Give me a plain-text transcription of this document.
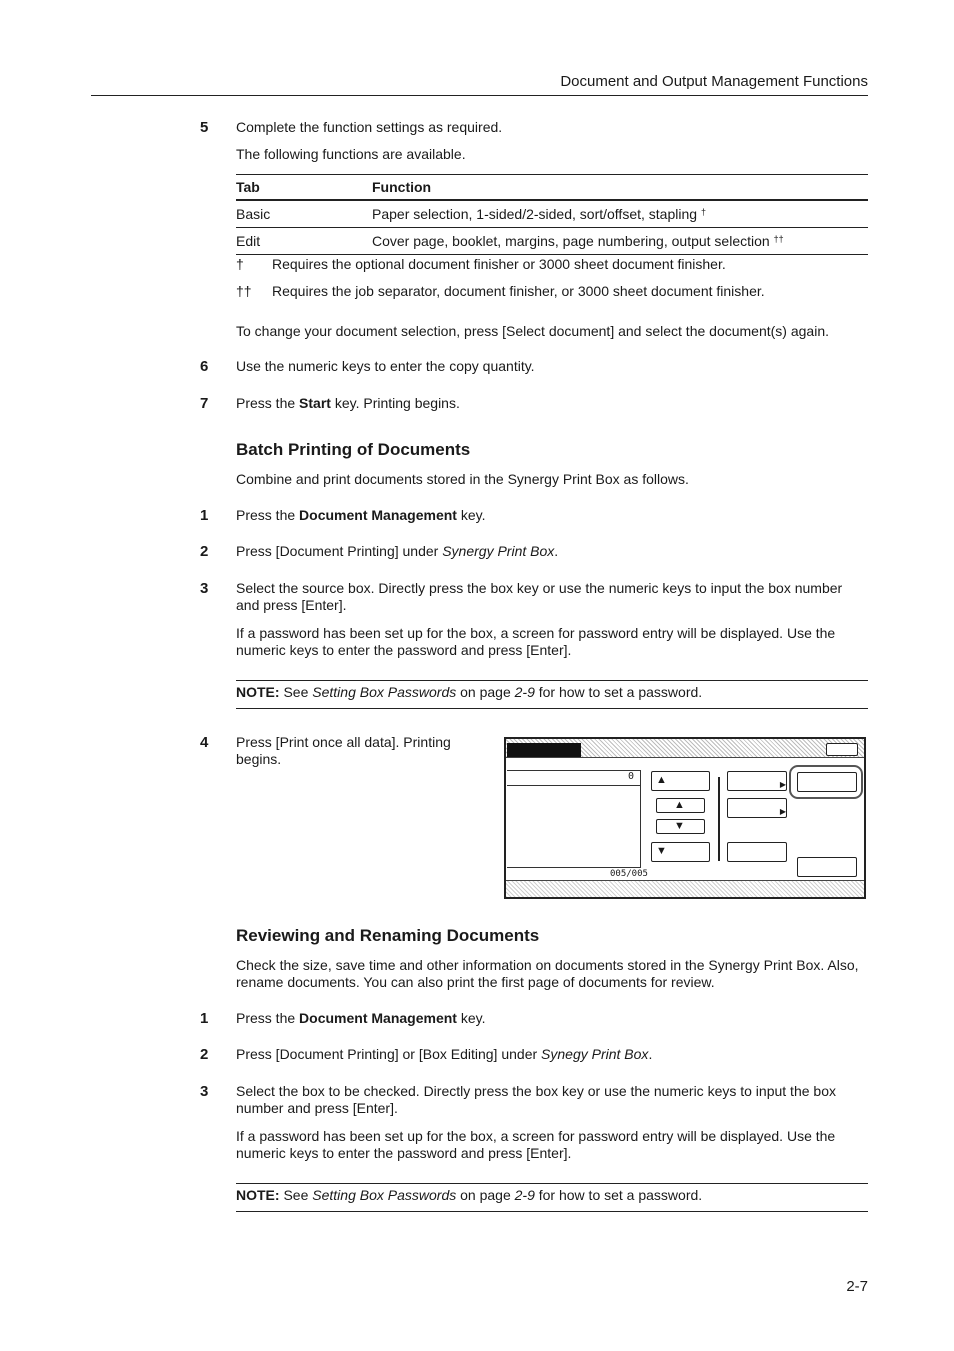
Document and Output Management Functions
5 Complete the function settings as required.
The following functions are available.
Tab	Function
Basic	Paper selection, 1-sided/2-sided, sort/offset, stapling †
Edit	Cover page, booklet, margins, page numbering, output selection ††
† Requires the optional document finisher or 3000 sheet document finisher.
†† Requires the job separator, document finisher, or 3000 sheet document finisher.
To change your document selection, press [Select document] and select the document(s) again.
6 Use the numeric keys to enter the copy quantity.
7 Press the Start key. Printing begins.
Batch Printing of Documents
Combine and print documents stored in the Synergy Print Box as follows.
1 Press the Document Management key.
2 Press [Document Printing] under Synergy Print Box.
3 Select the source box. Directly press the box key or use the numeric keys to input the box number and press [Enter].
If a password has been set up for the box, a screen for password entry will be displayed. Use the numeric keys to enter the password and press [Enter].
NOTE: See Setting Box Passwords on page 2-9 for how to set a password.
4 Press [Print once all data]. Printing begins.
0
005/005
▲
▲
▼
▼
▶
▶
Reviewing and Renaming Documents
Check the size, save time and other information on documents stored in the Synergy Print Box. Also, rename documents. You can also print the first page of documents for review.
1 Press the Document Management key.
2 Press [Document Printing] or [Box Editing] under Synegy Print Box.
3 Select the box to be checked. Directly press the box key or use the numeric keys to input the box number and press [Enter].
If a password has been set up for the box, a screen for password entry will be displayed. Use the numeric keys to enter the password and press [Enter].
NOTE: See Setting Box Passwords on page 2-9 for how to set a password.
2-7
